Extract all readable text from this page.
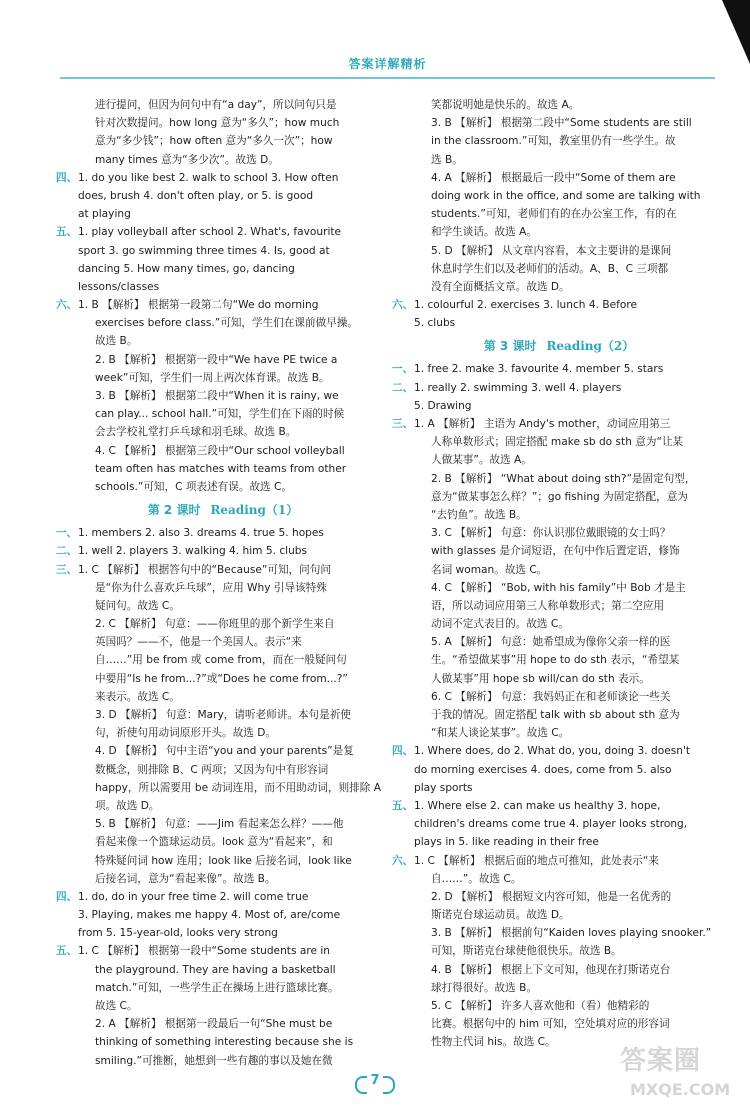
答案详解精析
进行提问，但因为问句中有“a day”，所以问句只是
针对次数提问。how long 意为“多久”；how much
意为“多少钱”；how often 意为“多久一次”；how
many times 意为“多少次”。故选 D。
四、 1. do you like best 2. walk to school 3. How often
does, brush 4. don't often play, or 5. is good
at playing
五、 1. play volleyball after school 2. What's, favourite
sport 3. go swimming three times 4. Is, good at
dancing 5. How many times, go, dancing
lessons/classes
六、 1. B 【解析】 根据第一段第二句“We do morning
exercises before class.”可知，学生们在课前做早操。
故选 B。
2. B 【解析】 根据第一段中“We have PE twice a
week”可知，学生们一周上两次体育课。故选 B。
3. B 【解析】 根据第二段中“When it is rainy, we
can play... school hall.”可知，学生们在下雨的时候
会去学校礼堂打乒乓球和羽毛球。故选 B。
4. C 【解析】 根据第三段中“Our school volleyball
team often has matches with teams from other
schools.”可知，C 项表述有误。故选 C。
第 2 课时 Reading（1）
一、 1. members 2. also 3. dreams 4. true 5. hopes
二、 1. well 2. players 3. walking 4. him 5. clubs
三、 1. C 【解析】 根据答句中的“Because”可知，问句问
是“你为什么喜欢乒乓球”，应用 Why 引导该特殊
疑问句。故选 C。
2. C 【解析】 句意：——你班里的那个新学生来自
英国吗？——不，他是一个美国人。表示“来
自……”用 be from 或 come from，而在一般疑问句
中要用“Is he from...?”或“Does he come from...?”
来表示。故选 C。
3. D 【解析】 句意：Mary，请听老师讲。本句是祈使
句，祈使句用动词原形开头。故选 D。
4. D 【解析】 句中主语“you and your parents”是复
数概念，则排除 B、C 两项；又因为句中有形容词
happy，所以需要用 be 动词连用，而不用助动词，则排除 A
项。故选 D。
5. B 【解析】 句意：——Jim 看起来怎么样？——他
看起来像一个篮球运动员。look 意为“看起来”，和
特殊疑问词 how 连用；look like 后接名词，look like
后接名词，意为“看起来像”。故选 B。
四、 1. do, do in your free time 2. will come true
3. Playing, makes me happy 4. Most of, are/come
from 5. 15-year-old, looks very strong
五、 1. C 【解析】 根据第一段中“Some students are in
the playground. They are having a basketball
match.”可知，一些学生正在操场上进行篮球比赛。
故选 C。
2. A 【解析】 根据第一段最后一句“She must be
thinking of something interesting because she is
smiling.”可推断，她想到一些有趣的事以及她在微
笑都说明她是快乐的。故选 A。
3. B 【解析】 根据第二段中“Some students are still
in the classroom.”可知，教室里仍有一些学生。故
选 B。
4. A 【解析】 根据最后一段中“Some of them are
doing work in the office, and some are talking with
students.”可知，老师们有的在办公室工作，有的在
和学生谈话。故选 A。
5. D 【解析】 从文章内容看，本文主要讲的是课间
休息时学生们以及老师们的活动。A、B、C 三项都
没有全面概括文章。故选 D。
六、 1. colourful 2. exercises 3. lunch 4. Before
5. clubs
第 3 课时 Reading（2）
一、 1. free 2. make 3. favourite 4. member 5. stars
二、 1. really 2. swimming 3. well 4. players
5. Drawing
三、 1. A 【解析】 主语为 Andy's mother，动词应用第三
人称单数形式；固定搭配 make sb do sth 意为“让某
人做某事”。故选 A。
2. B 【解析】 “What about doing sth?”是固定句型，
意为“做某事怎么样？”；go fishing 为固定搭配，意为
“去钓鱼”。故选 B。
3. C 【解析】 句意：你认识那位戴眼镜的女士吗？
with glasses 是介词短语，在句中作后置定语，修饰
名词 woman。故选 C。
4. C 【解析】 “Bob, with his family”中 Bob 才是主
语，所以动词应用第三人称单数形式；第二空应用
动词不定式表目的。故选 C。
5. A 【解析】 句意：她希望成为像你父亲一样的医
生。“希望做某事”用 hope to do sth 表示，“希望某
人做某事”用 hope sb will/can do sth 表示。
6. C 【解析】 句意：我妈妈正在和老师谈论一些关
于我的情况。固定搭配 talk with sb about sth 意为
“和某人谈论某事”。故选 C。
四、 1. Where does, do 2. What do, you, doing 3. doesn't
do morning exercises 4. does, come from 5. also
play sports
五、 1. Where else 2. can make us healthy 3. hope,
children's dreams come true 4. player looks strong,
plays in 5. like reading in their free
六、 1. C 【解析】 根据后面的地点可推知，此处表示“来
自……”。故选 C。
2. D 【解析】 根据短文内容可知，他是一名优秀的
斯诺克台球运动员。故选 D。
3. B 【解析】 根据前句“Kaiden loves playing snooker.”
可知，斯诺克台球使他很快乐。故选 B。
4. B 【解析】 根据上下文可知，他现在打斯诺克台
球打得很好。故选 B。
5. C 【解析】 许多人喜欢他和（看）他精彩的
比赛。根据句中的 him 可知，空处填对应的形容词
性物主代词 his。故选 C。
7
答案圈
MXQE.COM
